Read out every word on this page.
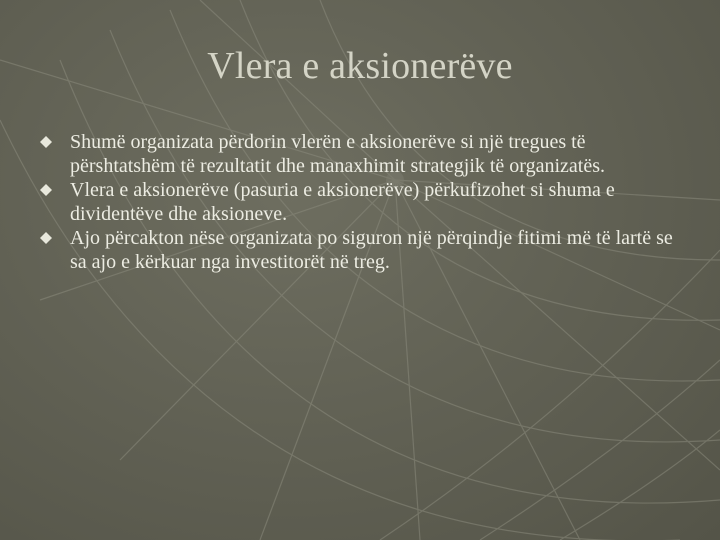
Vlera e aksionerëve
Shumë organizata përdorin vlerën e aksionerëve si një tregues të përshtatshëm të rezultatit dhe manaxhimit strategjik të organizatës.
Vlera e aksionerëve (pasuria e aksionerëve) përkufizohet si shuma e dividentëve dhe aksioneve.
Ajo përcakton nëse organizata po siguron një përqindje fitimi më të lartë se sa ajo e kërkuar nga investitorët në treg.
